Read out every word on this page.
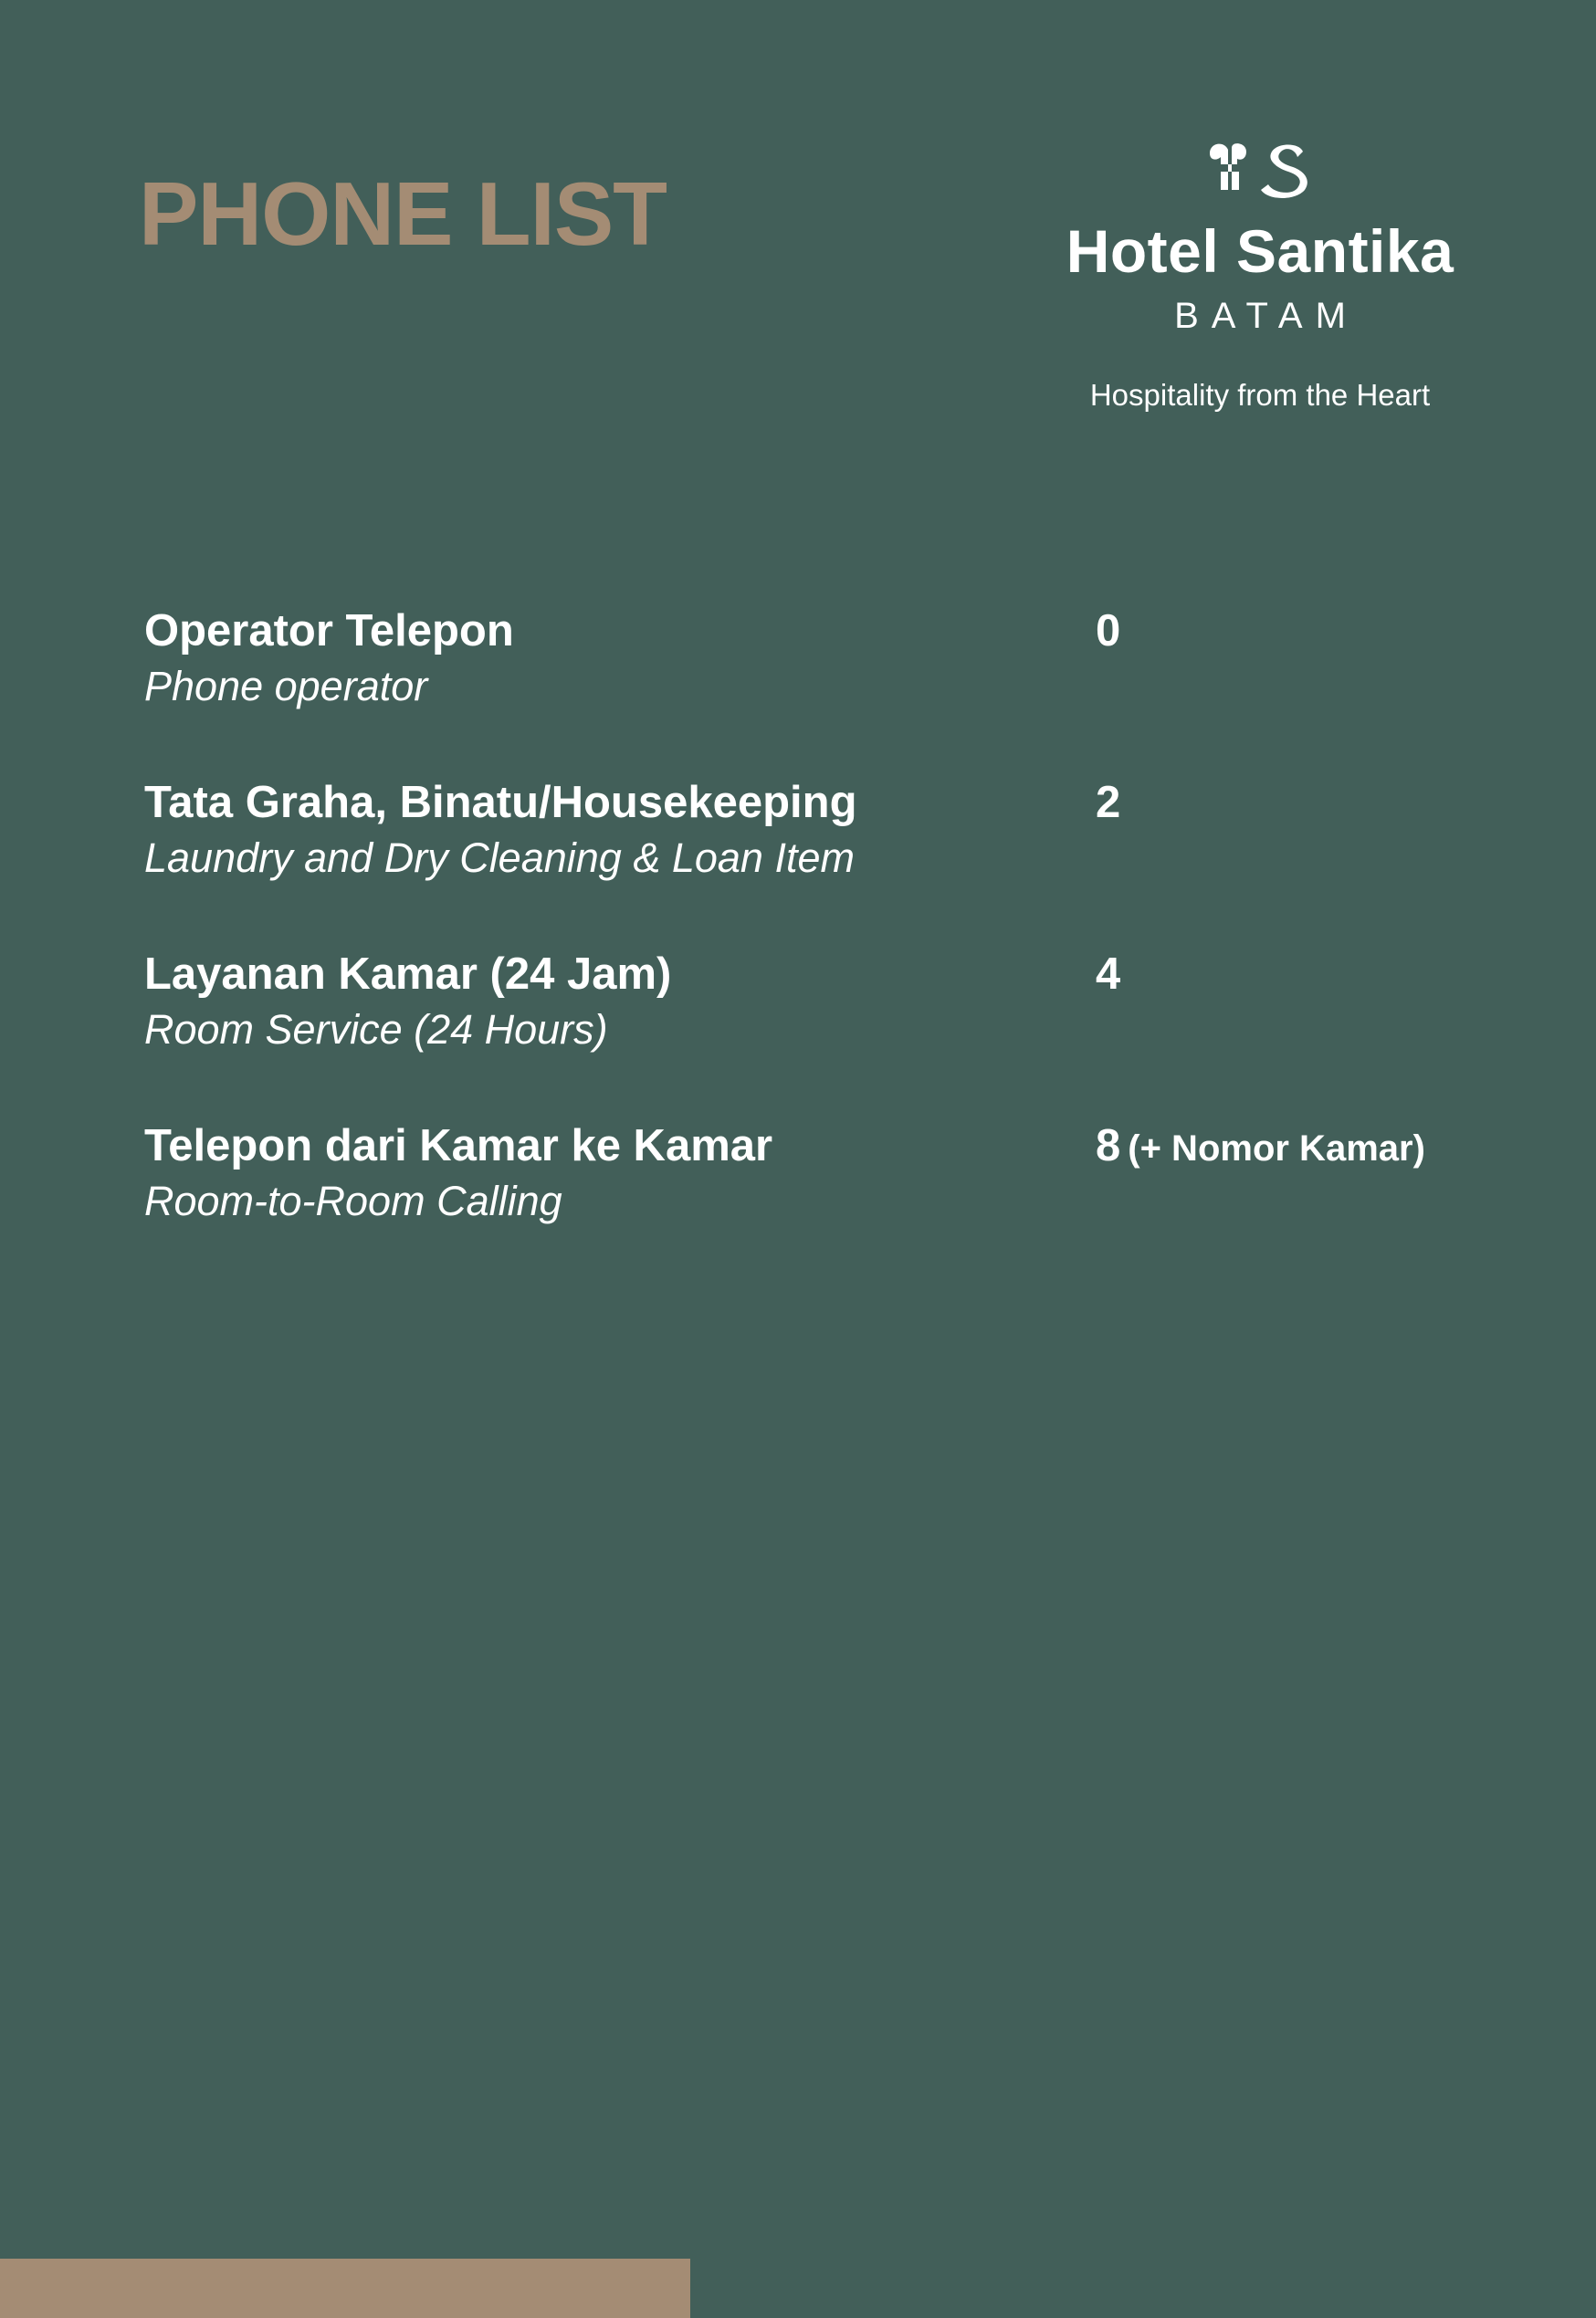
PHONE LIST	Hotel Santika
BATAM
Hospitality from the Heart
Operator Telepon
Phone operator
0
Tata Graha, Binatu/Housekeeping
Laundry and Dry Cleaning & Loan Item
2
Layanan Kamar (24 Jam)
Room Service (24 Hours)
4
Telepon dari Kamar ke Kamar
Room-to-Room Calling
8 (+ Nomor Kamar)
